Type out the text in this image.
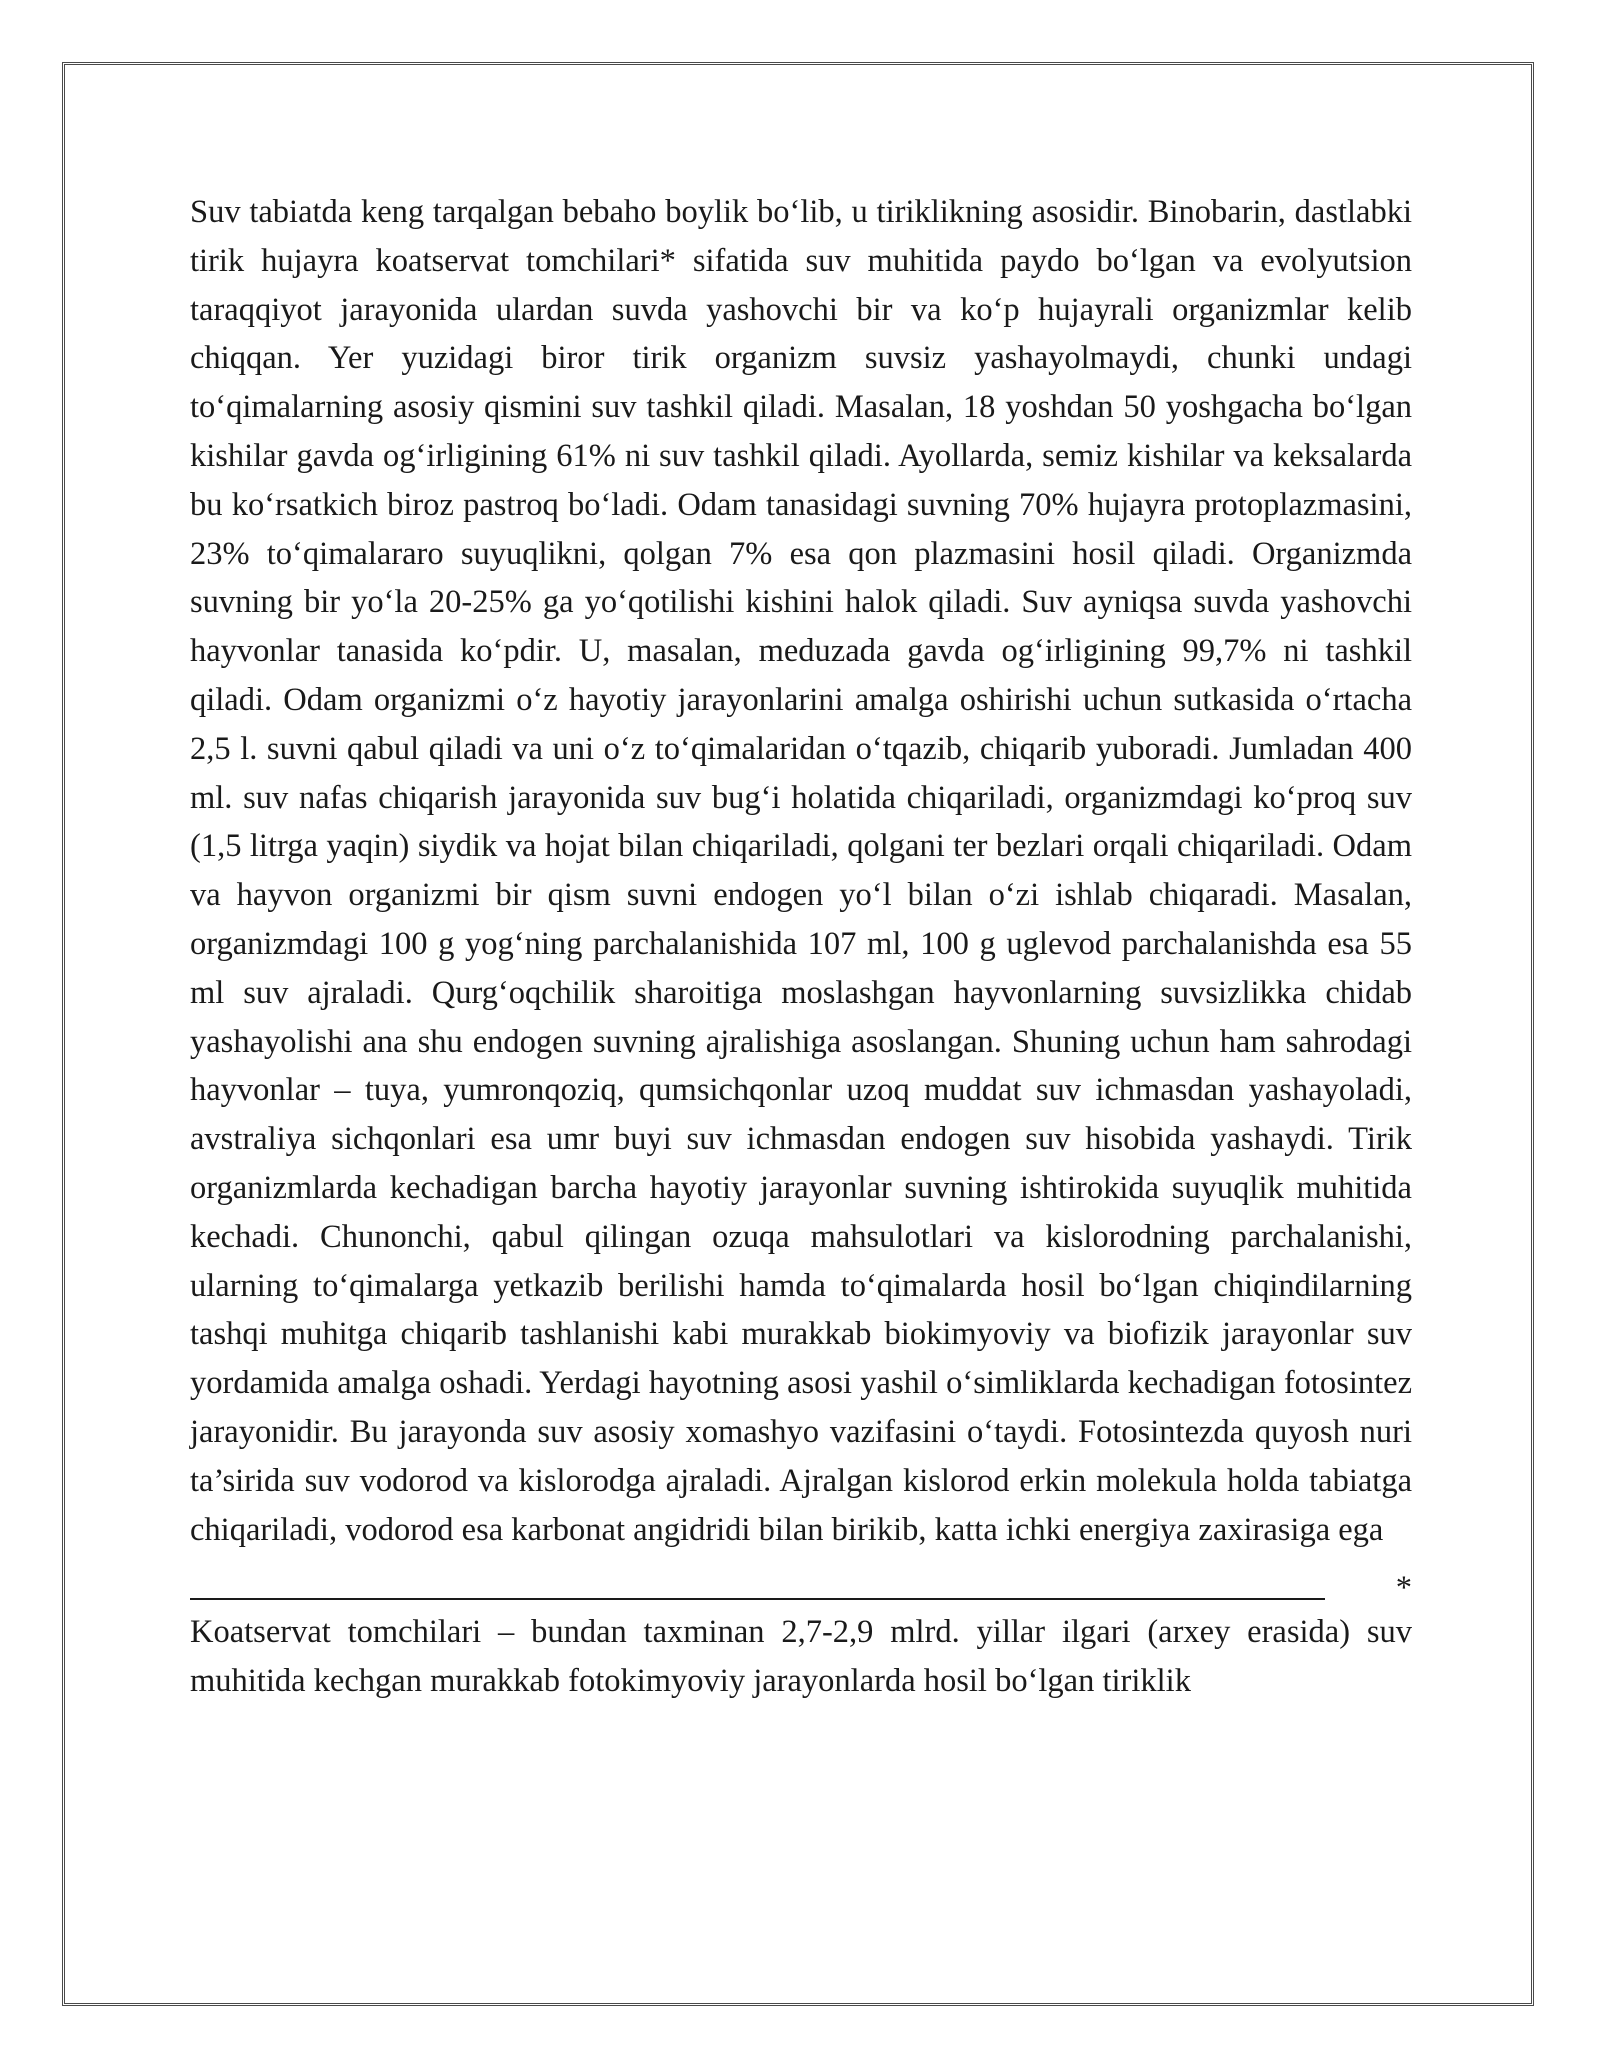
Suv tabiatda keng tarqalgan bebaho boylik bo‘lib, u tiriklikning asosidir. Binobarin, dastlabki tirik hujayra koatservat tomchilari* sifatida suv muhitida paydo bo‘lgan va evolyutsion taraqqiyot jarayonida ulardan suvda yashovchi bir va ko‘p hujayrali organizmlar kelib chiqqan. Yer yuzidagi biror tirik organizm suvsiz yashayolmaydi, chunki undagi to‘qimalarning asosiy qismini suv tashkil qiladi. Masalan, 18 yoshdan 50 yoshgacha bo‘lgan kishilar gavda og‘irligining 61% ni suv tashkil qiladi. Ayollarda, semiz kishilar va keksalarda bu ko‘rsatkich biroz pastroq bo‘ladi. Odam tanasidagi suvning 70% hujayra protoplazmasini, 23% to‘qimalararo suyuqlikni, qolgan 7% esa qon plazmasini hosil qiladi. Organizmda suvning bir yo‘la 20-25% ga yo‘qotilishi kishini halok qiladi. Suv ayniqsa suvda yashovchi hayvonlar tanasida ko‘pdir. U, masalan, meduzada gavda og‘irligining 99,7% ni tashkil qiladi. Odam organizmi o‘z hayotiy jarayonlarini amalga oshirishi uchun sutkasida o‘rtacha 2,5 l. suvni qabul qiladi va uni o‘z to‘qimalaridan o‘tqazib, chiqarib yuboradi. Jumladan 400 ml. suv nafas chiqarish jarayonida suv bug‘i holatida chiqariladi, organizmdagi ko‘proq suv (1,5 litrga yaqin) siydik va hojat bilan chiqariladi, qolgani ter bezlari orqali chiqariladi. Odam va hayvon organizmi bir qism suvni endogen yo‘l bilan o‘zi ishlab chiqaradi. Masalan, organizmdagi 100 g yog‘ning parchalanishida 107 ml, 100 g uglevod parchalanishda esa 55 ml suv ajraladi. Qurg‘oqchilik sharoitiga moslashgan hayvonlarning suvsizlikka chidab yashayolishi ana shu endogen suvning ajralishiga asoslangan. Shuning uchun ham sahrodagi hayvonlar – tuya, yumronqoziq, qumsichqonlar uzoq muddat suv ichmasdan yashayoladi, avstraliya sichqonlari esa umr buyi suv ichmasdan endogen suv hisobida yashaydi. Tirik organizmlarda kechadigan barcha hayotiy jarayonlar suvning ishtirokida suyuqlik muhitida kechadi. Chunonchi, qabul qilingan ozuqa mahsulotlari va kislorodning parchalanishi, ularning to‘qimalarga yetkazib berilishi hamda to‘qimalarda hosil bo‘lgan chiqindilarning tashqi muhitga chiqarib tashlanishi kabi murakkab biokimyoviy va biofizik jarayonlar suv yordamida amalga oshadi. Yerdagi hayotning asosi yashil o‘simliklarda kechadigan fotosintez jarayonidir. Bu jarayonda suv asosiy xomashyo vazifasini o‘taydi. Fotosintezda quyosh nuri ta’sirida suv vodorod va kislorodga ajraladi. Ajralgan kislorod erkin molekula holda tabiatga chiqariladi, vodorod esa karbonat angidridi bilan birikib, katta ichki energiya zaxirasiga ega

*

Koatservat tomchilari – bundan taxminan 2,7-2,9 mlrd. yillar ilgari (arxey erasida) suv muhitida kechgan murakkab fotokimyoviy jarayonlarda hosil bo‘lgan tiriklik
